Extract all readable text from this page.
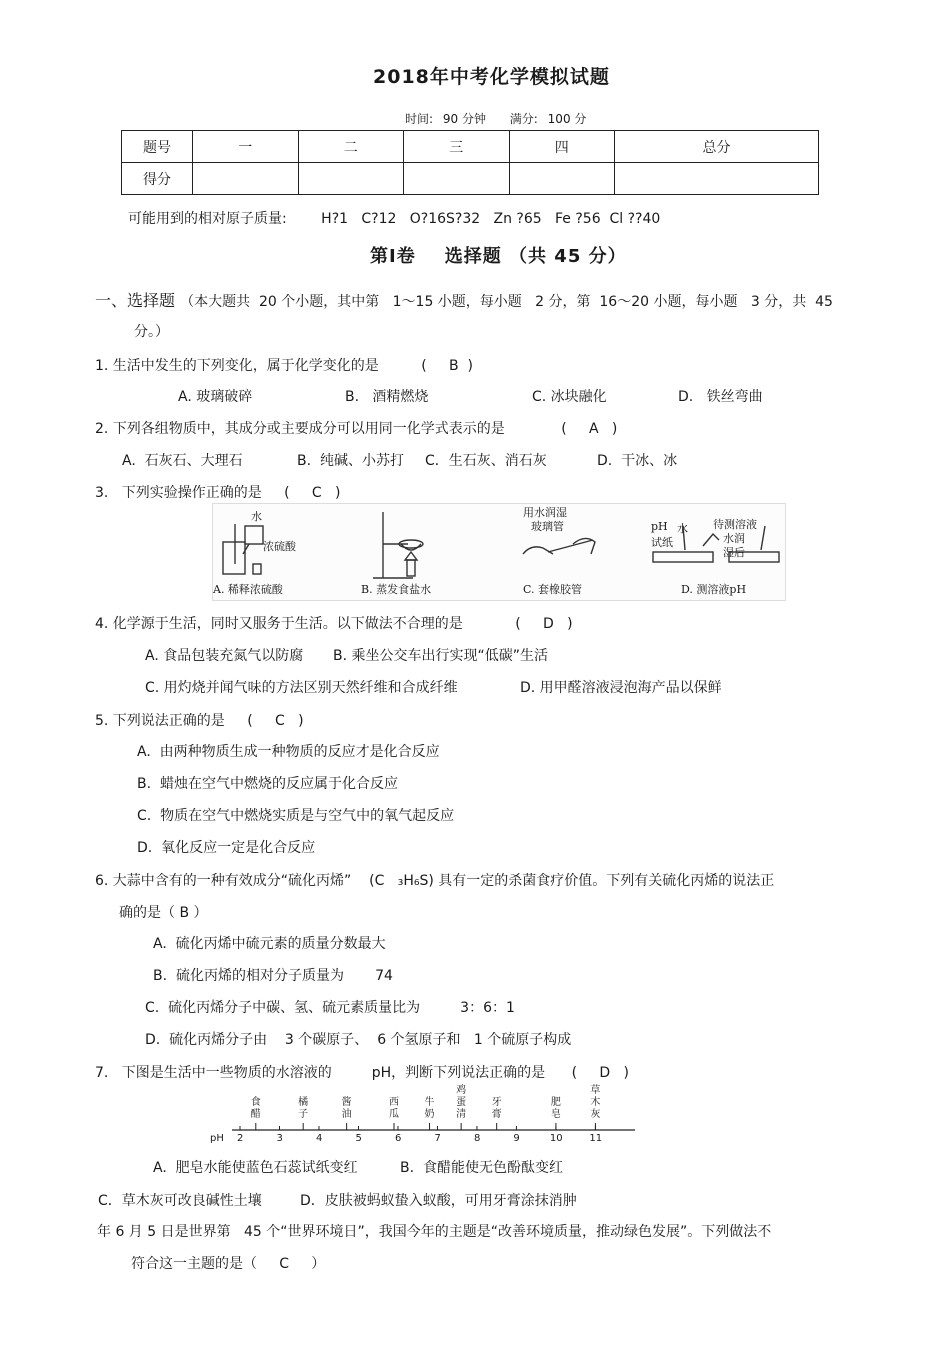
2018年中考化学模拟试题
时间: 90 分钟 满分: 100 分
题号	一	二	三	四	总分
得分					
可能用到的相对原子质量: H?1   C?12   O?16S?32   Zn ?65   Fe ?56  Cl ??40
第Ⅰ卷    选择题 （共 45 分）
一、选择题 （本大题共  20 个小题，其中第   1～15 小题，每小题   2 分，第  16～20 小题，每小题   3 分，共  45
分。）
1. 生活中发生的下列变化，属于化学变化的是	(     B  )
A. 玻璃破碎	B.   酒精燃烧	C. 冰块融化	D.   铁丝弯曲
2. 下列各组物质中，其成分或主要成分可以用同一化学式表示的是	(     A   )
A.  石灰石、大理石	B.  纯碱、小苏打 C．生石灰、消石灰	D.  干冰、冰
3.   下列实验操作正确的是 (     C   )
水
浓硫酸
用水润湿
玻璃管	pH 水
试纸
待测溶液
水润
湿后
A. 稀释浓硫酸	B. 蒸发食盐水	C. 套橡胶管	D. 测溶液pH
4. 化学源于生活，同时又服务于生活。以下做法不合理的是	(     D   )
A. 食品包装充氮气以防腐 B. 乘坐公交车出行实现“低碳”生活
C. 用灼烧并闻气味的方法区别天然纤维和合成纤维	D. 用甲醛溶液浸泡海产品以保鲜
5. 下列说法正确的是 (     C   )
A.  由两种物质生成一种物质的反应才是化合反应
B.  蜡烛在空气中燃烧的反应属于化合反应
C.  物质在空气中燃烧实质是与空气中的氧气起反应
D.  氧化反应一定是化合反应
6. 大蒜中含有的一种有效成分“硫化丙烯”    (C   ₃H₆S) 具有一定的杀菌食疗价值。下列有关硫化丙烯的说法正
确的是（ B ）
A.  硫化丙烯中硫元素的质量分数最大
B.  硫化丙烯的相对分子质量为       74
C.  硫化丙烯分子中碳、氢、硫元素质量比为         3：6：1
D.  硫化丙烯分子由    3 个碳原子、  6 个氢原子和   1 个硫原子构成
7.   下图是生活中一些物质的水溶液的         pH，判断下列说法正确的是 (     D   )
pH 2	3	4	5	6	7	8	9	10	11
食
醋
橘
子
酱
油
西
瓜
牛
奶
鸡
蛋
清
牙
膏
肥
皂
草
木
灰
A.  肥皂水能使蓝色石蕊试纸变红	B.  食醋能使无色酚酞变红
C．草木灰可改良碱性土壤	D．皮肤被蚂蚁蛰入蚁酸，可用牙膏涂抹消肿
年 6 月 5 日是世界第   45 个“世界环境日”，我国今年的主题是“改善环境质量，推动绿色发展”。下列做法不
符合这一主题的是（     C     ）
